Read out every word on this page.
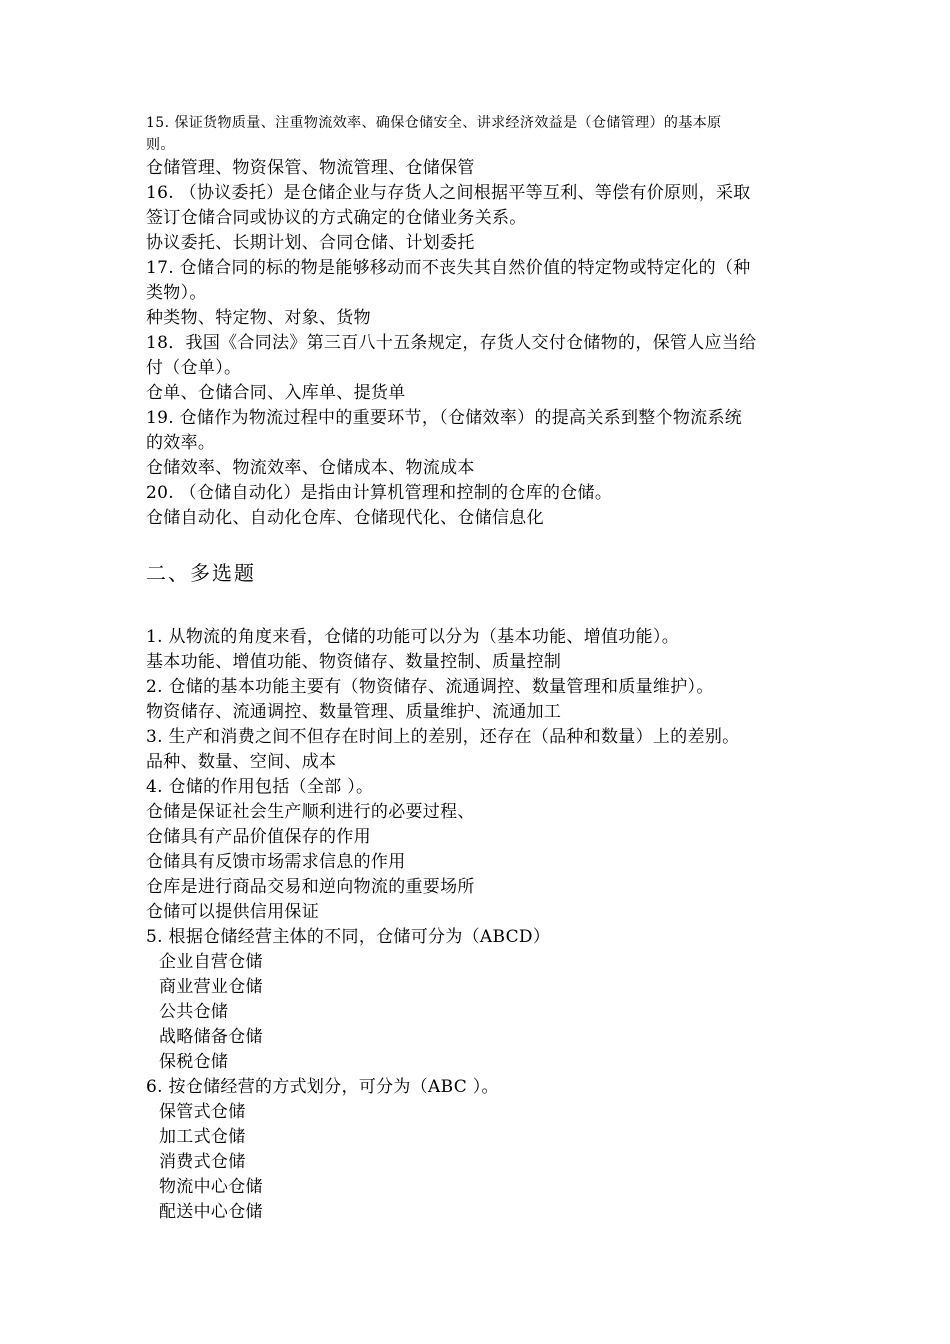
15. 保证货物质量、注重物流效率、确保仓储安全、讲求经济效益是（仓储管理）的基本原
则。
仓储管理、物资保管、物流管理、仓储保管
16. （协议委托）是仓储企业与存货人之间根据平等互利、等偿有价原则，采取
签订仓储合同或协议的方式确定的仓储业务关系。
协议委托、长期计划、合同仓储、计划委托
17. 仓储合同的标的物是能够移动而不丧失其自然价值的特定物或特定化的（种
类物）。
种类物、特定物、对象、货物
18．我国《合同法》第三百八十五条规定，存货人交付仓储物的，保管人应当给
付（仓单）。
仓单、仓储合同、入库单、提货单
19. 仓储作为物流过程中的重要环节，（仓储效率）的提高关系到整个物流系统
的效率。
仓储效率、物流效率、仓储成本、物流成本
20. （仓储自动化）是指由计算机管理和控制的仓库的仓储。
仓储自动化、自动化仓库、仓储现代化、仓储信息化
二、多选题
1. 从物流的角度来看，仓储的功能可以分为（基本功能、增值功能）。
基本功能、增值功能、物资储存、数量控制、质量控制
2. 仓储的基本功能主要有（物资储存、流通调控、数量管理和质量维护）。
物资储存、流通调控、数量管理、质量维护、流通加工
3. 生产和消费之间不但存在时间上的差别，还存在（品种和数量）上的差别。
品种、数量、空间、成本
4. 仓储的作用包括（全部 ）。
仓储是保证社会生产顺利进行的必要过程、
仓储具有产品价值保存的作用
仓储具有反馈市场需求信息的作用
仓库是进行商品交易和逆向物流的重要场所
仓储可以提供信用保证
5. 根据仓储经营主体的不同，仓储可分为（ABCD）
企业自营仓储
商业营业仓储
公共仓储
战略储备仓储
保税仓储
6. 按仓储经营的方式划分，可分为（ABC ）。
保管式仓储
加工式仓储
消费式仓储
物流中心仓储
配送中心仓储
